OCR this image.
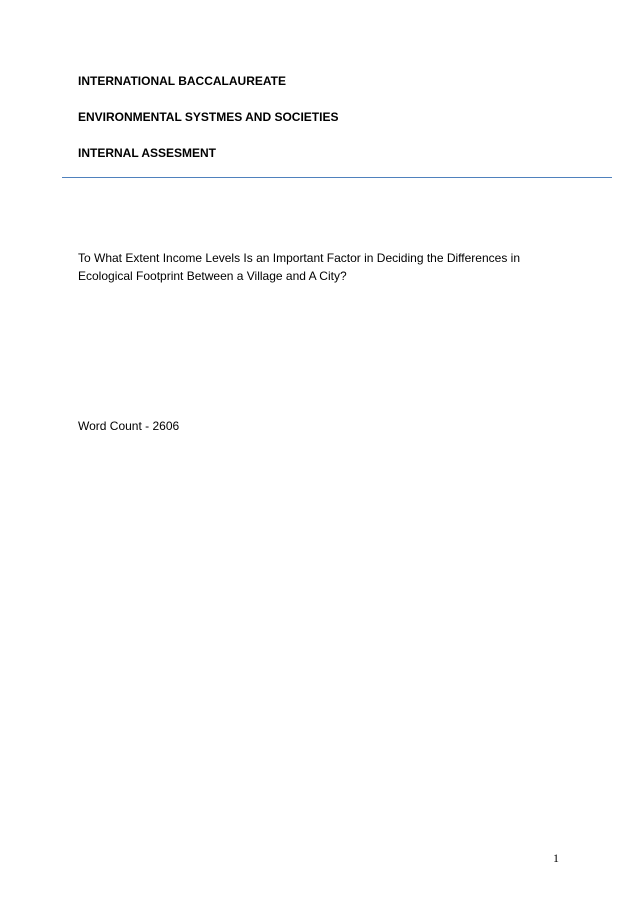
INTERNATIONAL BACCALAUREATE

ENVIRONMENTAL SYSTMES AND SOCIETIES

INTERNAL ASSESMENT

To What Extent Income Levels Is an Important Factor in Deciding the Differences in
Ecological Footprint Between a Village and A City?

Word Count - 2606

1
